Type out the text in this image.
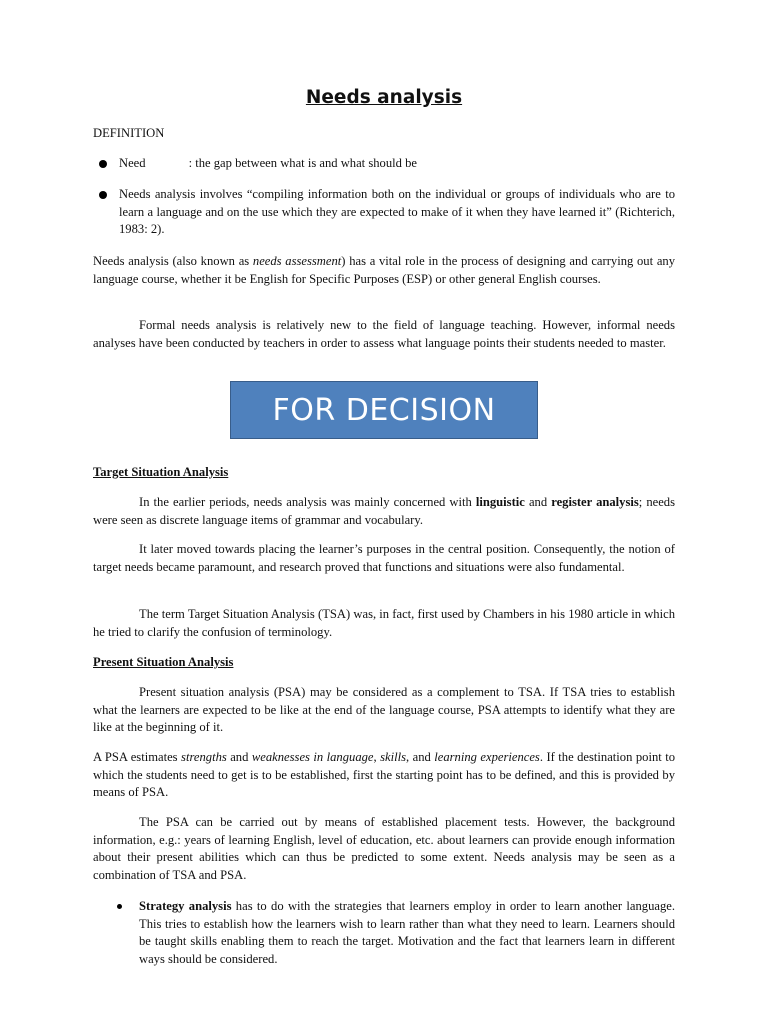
Needs analysis
DEFINITION
Need	: the gap between what is and what should be
Needs analysis involves “compiling information both on the individual or groups of individuals who are to learn a language and on the use which they are expected to make of it when they have learned it” (Richterich, 1983: 2).
Needs analysis (also known as needs assessment) has a vital role in the process of designing and carrying out any language course, whether it be English for Specific Purposes (ESP) or other general English courses.
Formal needs analysis is relatively new to the field of language teaching. However, informal needs analyses have been conducted by teachers in order to assess what language points their students needed to master.
Target Situation Analysis
In the earlier periods, needs analysis was mainly concerned with linguistic and register analysis; needs were seen as discrete language items of grammar and vocabulary.
It later moved towards placing the learner’s purposes in the central position. Consequently, the notion of target needs became paramount, and research proved that functions and situations were also fundamental.
The term Target Situation Analysis (TSA) was, in fact, first used by Chambers in his 1980 article in which he tried to clarify the confusion of terminology.
Present Situation Analysis
Present situation analysis (PSA) may be considered as a complement to TSA. If TSA tries to establish what the learners are expected to be like at the end of the language course, PSA attempts to identify what they are like at the beginning of it.
A PSA estimates strengths and weaknesses in language, skills, and learning experiences. If the destination point to which the students need to get is to be established, first the starting point has to be defined, and this is provided by means of PSA.
The PSA can be carried out by means of established placement tests. However, the background information, e.g.: years of learning English, level of education, etc. about learners can provide enough information about their present abilities which can thus be predicted to some extent. Needs analysis may be seen as a combination of TSA and PSA.
Strategy analysis has to do with the strategies that learners employ in order to learn another language. This tries to establish how the learners wish to learn rather than what they need to learn. Learners should be taught skills enabling them to reach the target. Motivation and the fact that learners learn in different ways should be considered.
FOR DECISION
